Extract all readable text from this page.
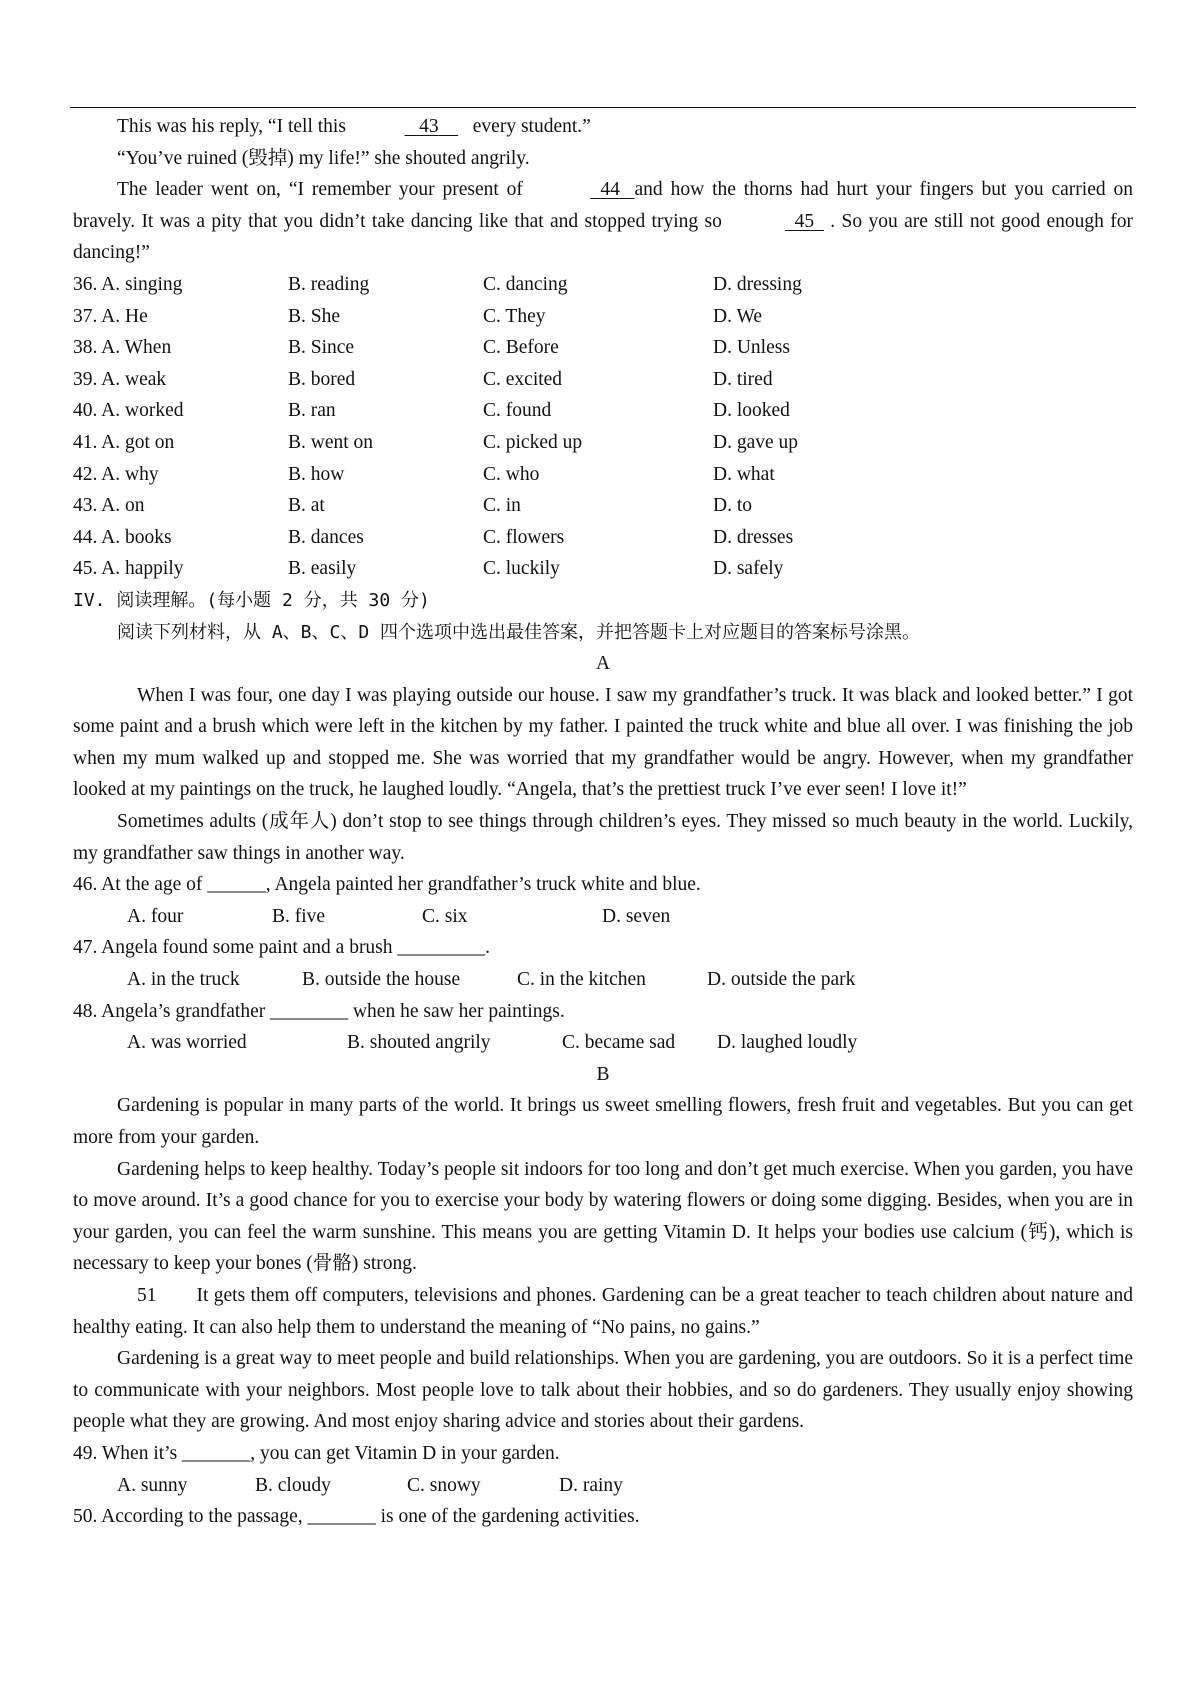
This was his reply, “I tell this	43 every student.”

“You’ve ruined (毁掉) my life!” she shouted angrily.

The leader went on, “I remember your present of	44 and how the thorns had hurt your fingers but you carried on bravely. It was a pity that you didn’t take dancing like that and stopped trying so	45 . So you are still not good enough for dancing!”

36. A. singing	B. reading	C. dancing	D. dressing
37. A. He	B. She	C. They	D. We
38. A. When	B. Since	C. Before	D. Unless
39. A. weak	B. bored	C. excited	D. tired
40. A. worked	B. ran	C. found	D. looked
41. A. got on	B. went on	C. picked up	D. gave up
42. A. why	B. how	C. who	D. what
43. A. on	B. at	C. in	D. to
44. A. books	B. dances	C. flowers	D. dresses
45. A. happily	B. easily	C. luckily	D. safely

IV. 阅读理解。(每小题 2 分，共 30 分)

阅读下列材料，从 A、B、C、D 四个选项中选出最佳答案，并把答题卡上对应题目的答案标号涂黑。

A

When I was four, one day I was playing outside our house. I saw my grandfather’s truck. It was black and looked better.” I got some paint and a brush which were left in the kitchen by my father. I painted the truck white and blue all over. I was finishing the job when my mum walked up and stopped me. She was worried that my grandfather would be angry. However, when my grandfather looked at my paintings on the truck, he laughed loudly. “Angela, that’s the prettiest truck I’ve ever seen! I love it!”

Sometimes adults (成年人) don’t stop to see things through children’s eyes. They missed so much beauty in the world. Luckily, my grandfather saw things in another way.

46. At the age of ______, Angela painted her grandfather’s truck white and blue.

A. four	B. five	C. six	D. seven

47. Angela found some paint and a brush _________.

A. in the truck	B. outside the house	C. in the kitchen	D. outside the park

48. Angela’s grandfather ________ when he saw her paintings.

A. was worried	B. shouted angrily	C. became sad	D. laughed loudly

B

Gardening is popular in many parts of the world. It brings us sweet smelling flowers, fresh fruit and vegetables. But you can get more from your garden.

Gardening helps to keep healthy. Today’s people sit indoors for too long and don’t get much exercise. When you garden, you have to move around. It’s a good chance for you to exercise your body by watering flowers or doing some digging. Besides, when you are in your garden, you can feel the warm sunshine. This means you are getting Vitamin D. It helps your bodies use calcium (钙), which is necessary to keep your bones (骨骼) strong.

51 It gets them off computers, televisions and phones. Gardening can be a great teacher to teach children about nature and healthy eating. It can also help them to understand the meaning of “No pains, no gains.”

Gardening is a great way to meet people and build relationships. When you are gardening, you are outdoors. So it is a perfect time to communicate with your neighbors. Most people love to talk about their hobbies, and so do gardeners. They usually enjoy showing people what they are growing. And most enjoy sharing advice and stories about their gardens.

49. When it’s _______, you can get Vitamin D in your garden.

A. sunny	B. cloudy	C. snowy	D. rainy

50. According to the passage, _______ is one of the gardening activities.
